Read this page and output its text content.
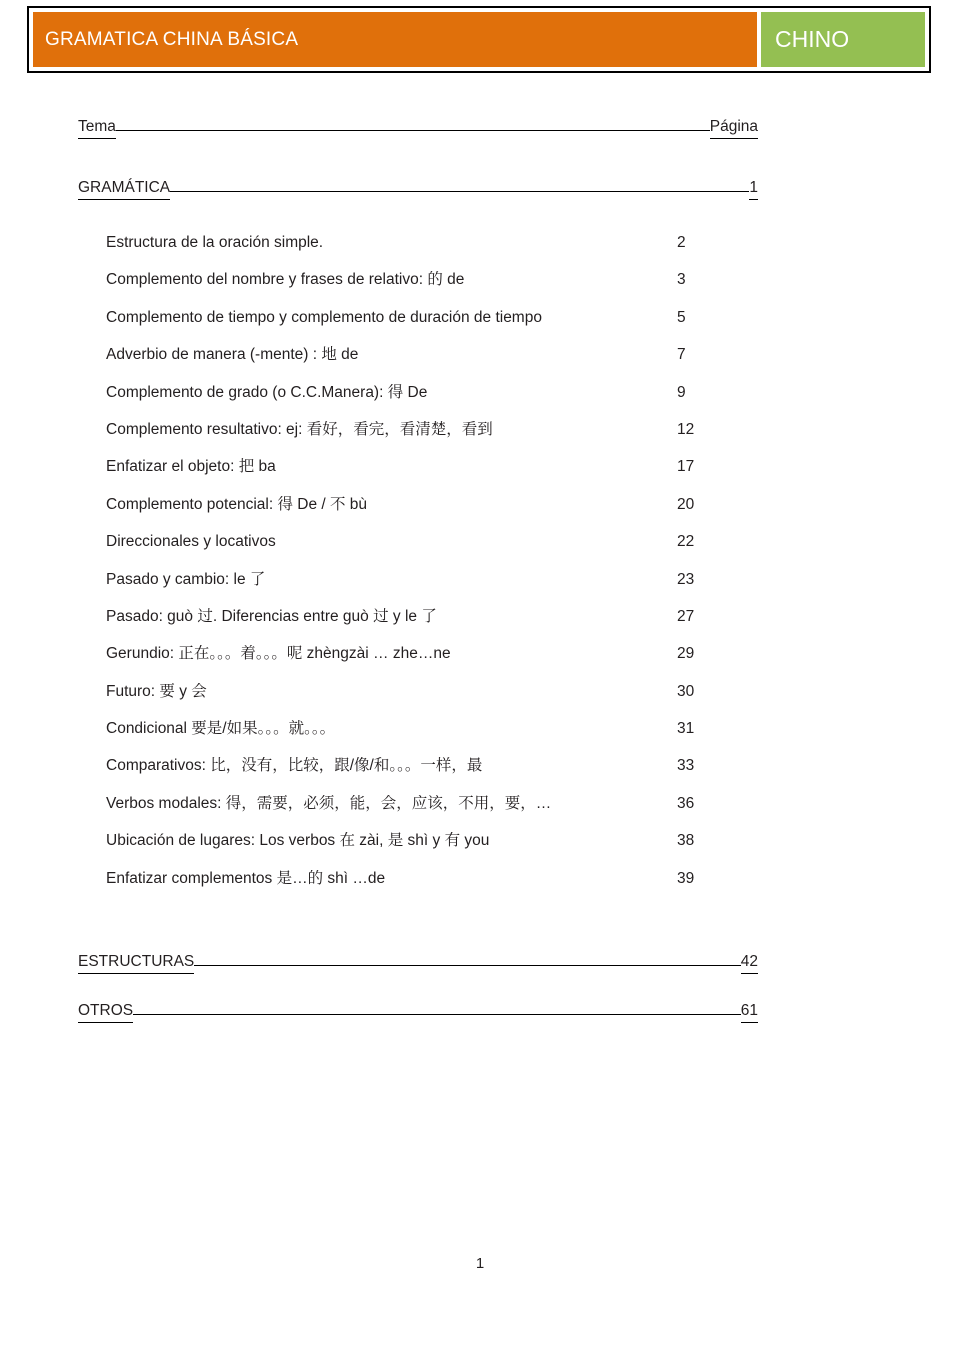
GRAMATICA CHINA BÁSICA	CHINO
Tema	Página
GRAMÁTICA	1
Estructura de la oración simple.	2
Complemento del nombre y frases de relativo: 的 de	3
Complemento de tiempo y complemento de duración de tiempo	5
Adverbio de manera (-mente) : 地 de	7
Complemento de grado (o C.C.Manera): 得 De	9
Complemento resultativo: ej: 看好，看完，看清楚，看到	12
Enfatizar el objeto: 把 ba	17
Complemento potencial: 得 De / 不 bù	20
Direccionales y locativos	22
Pasado y cambio: le 了	23
Pasado: guò 过. Diferencias entre guò 过 y le 了	27
Gerundio: 正在。。。着。。。呢 zhèngzài … zhe…ne	29
Futuro: 要 y 会	30
Condicional 要是/如果。。。就。。。	31
Comparativos: 比，没有，比较，跟/像/和。。。一样，最	33
Verbos modales: 得，需要，必须，能，会，应该，不用，要，…	36
Ubicación de lugares: Los verbos 在 zài, 是 shì y 有 you	38
Enfatizar complementos 是…的 shì …de	39
ESTRUCTURAS	42
OTROS	61
1
